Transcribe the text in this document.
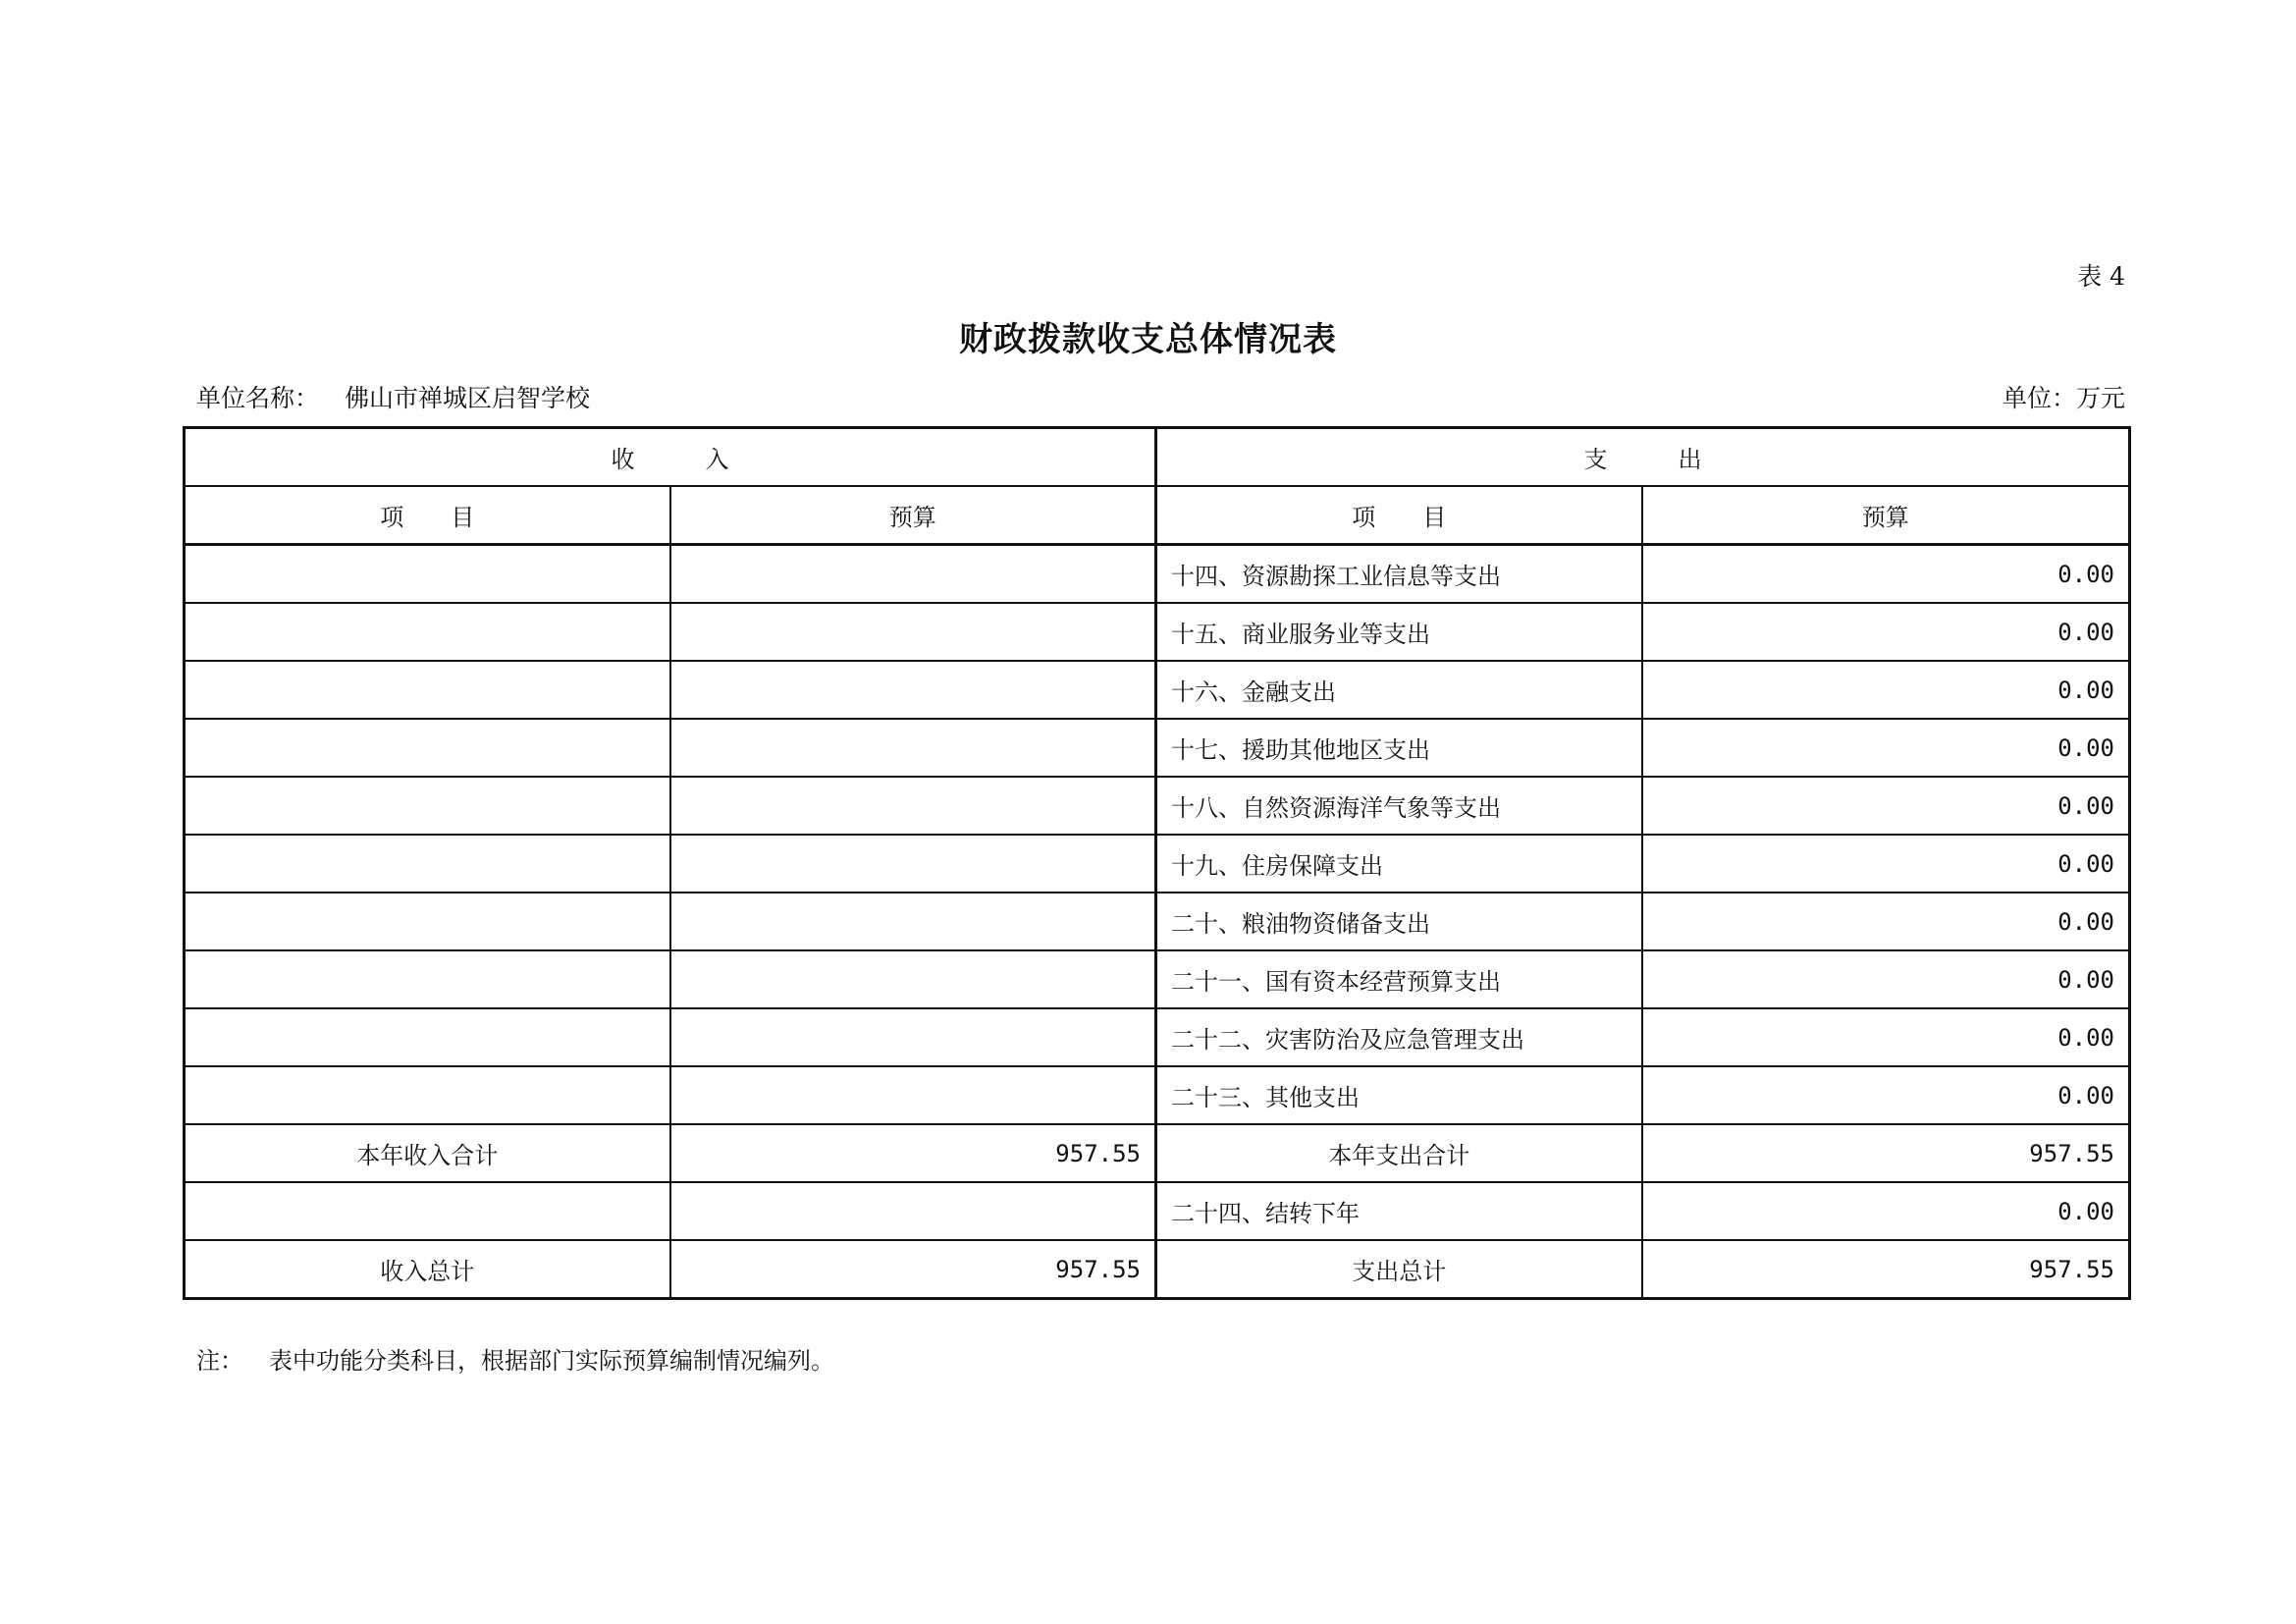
表 4
财政拨款收支总体情况表
单位名称： 佛山市禅城区启智学校	单位：万元
收　　　入		支　　　出	
项　　目	预算	项　　目	预算
		十四、资源勘探工业信息等支出	0.00
		十五、商业服务业等支出	0.00
		十六、金融支出	0.00
		十七、援助其他地区支出	0.00
		十八、自然资源海洋气象等支出	0.00
		十九、住房保障支出	0.00
		二十、粮油物资储备支出	0.00
		二十一、国有资本经营预算支出	0.00
		二十二、灾害防治及应急管理支出	0.00
		二十三、其他支出	0.00
本年收入合计	957.55	本年支出合计	957.55
		二十四、结转下年	0.00
收入总计	957.55	支出总计	957.55
注： 表中功能分类科目，根据部门实际预算编制情况编列。
